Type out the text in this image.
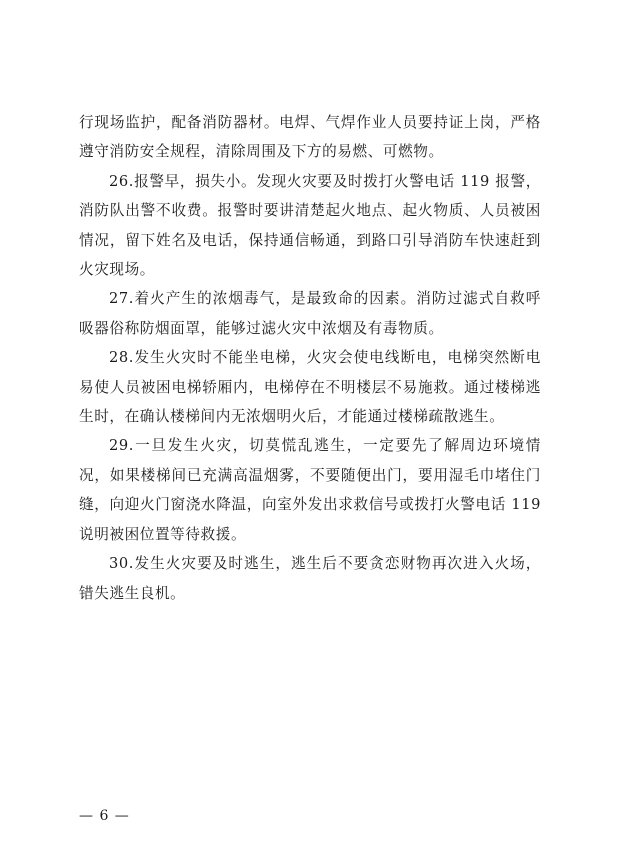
行现场监护，配备消防器材。电焊、气焊作业人员要持证上岗，严格遵守消防安全规程，清除周围及下方的易燃、可燃物。

26.报警早，损失小。发现火灾要及时拨打火警电话 119 报警，消防队出警不收费。报警时要讲清楚起火地点、起火物质、人员被困情况，留下姓名及电话，保持通信畅通，到路口引导消防车快速赶到火灾现场。

27.着火产生的浓烟毒气，是最致命的因素。消防过滤式自救呼吸器俗称防烟面罩，能够过滤火灾中浓烟及有毒物质。

28.发生火灾时不能坐电梯，火灾会使电线断电，电梯突然断电易使人员被困电梯轿厢内，电梯停在不明楼层不易施救。通过楼梯逃生时，在确认楼梯间内无浓烟明火后，才能通过楼梯疏散逃生。

29.一旦发生火灾，切莫慌乱逃生，一定要先了解周边环境情况，如果楼梯间已充满高温烟雾，不要随便出门，要用湿毛巾堵住门缝，向迎火门窗浇水降温，向室外发出求救信号或拨打火警电话 119 说明被困位置等待救援。

30.发生火灾要及时逃生，逃生后不要贪恋财物再次进入火场，错失逃生良机。

— 6 —
